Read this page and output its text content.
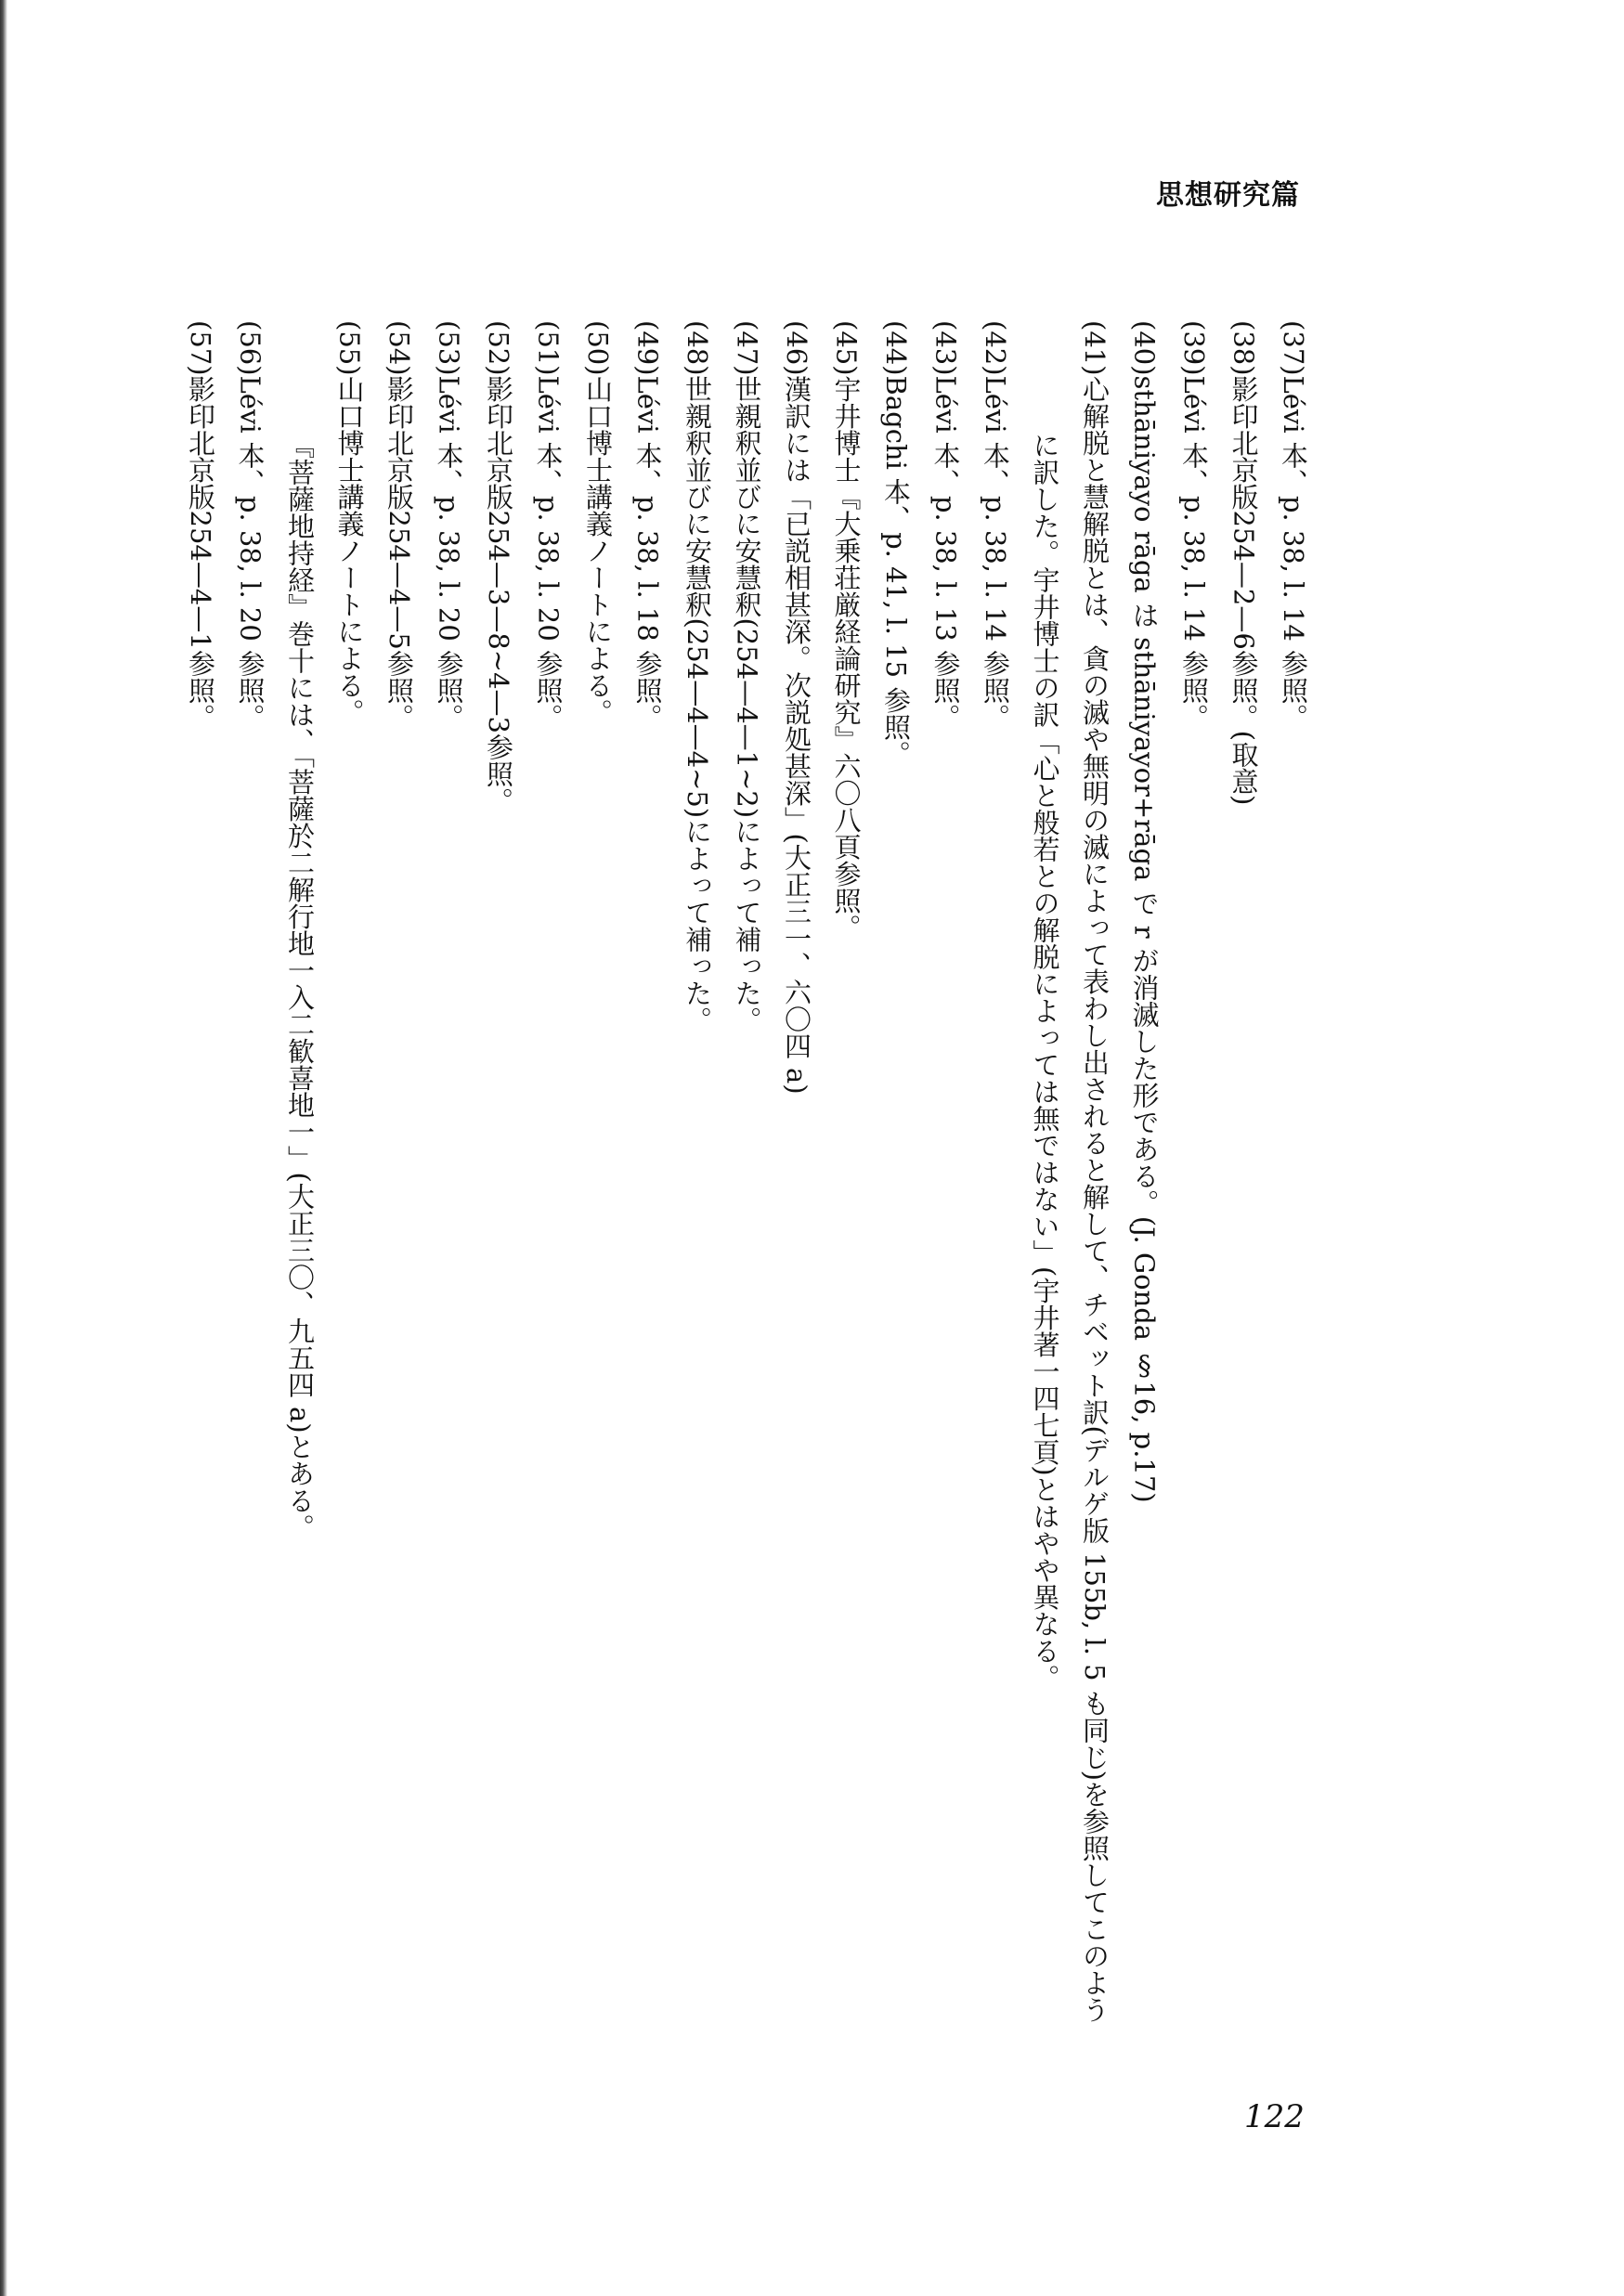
思想研究篇
(37)Lévi 本、p. 38, l. 14 参照。
(38)影印北京版254—2—6参照。(取意)
(39)Lévi 本、p. 38, l. 14 参照。
(40)sthāniyayo rāga は sthāniyayor+rāga で r が消滅した形である。(J. Gonda §16, p.17)
(41)心解脱と慧解脱とは、貪の滅や無明の滅によって表わし出されると解して、チベット訳(デルゲ版 155b, l. 5 も同じ)を参照してこのよう
に訳した。宇井博士の訳「心と般若との解脱によっては無ではない」(宇井著一四七頁)とはやや異なる。
(42)Lévi 本、p. 38, l. 14 参照。
(43)Lévi 本、p. 38, l. 13 参照。
(44)Bagchi 本、p. 41, l. 15 参照。
(45)宇井博士『大乗荘厳経論研究』六〇八頁参照。
(46)漢訳には「已説相甚深。次説処甚深」(大正三一、六〇四 a)
(47)世親釈並びに安慧釈(254—4—1~2)によって補った。
(48)世親釈並びに安慧釈(254—4—4~5)によって補った。
(49)Lévi 本、p. 38, l. 18 参照。
(50)山口博士講義ノートによる。
(51)Lévi 本、p. 38, l. 20 参照。
(52)影印北京版254—3—8~4—3参照。
(53)Lévi 本、p. 38, l. 20 参照。
(54)影印北京版254—4—5参照。
(55)山口博士講義ノートによる。
『菩薩地持経』巻十には、「菩薩於二解行地一入二歓喜地一」(大正三〇、九五四 a)とある。
(56)Lévi 本、p. 38, l. 20 参照。
(57)影印北京版254—4—1参照。
122
